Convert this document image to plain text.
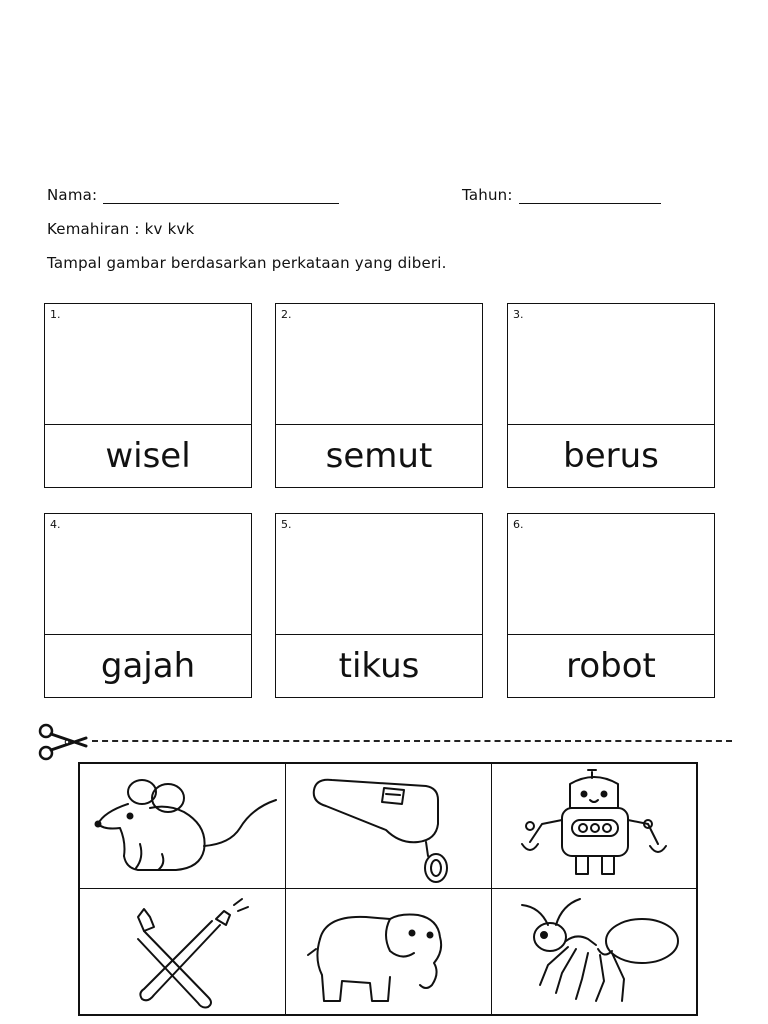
Nama:	Tahun:
Kemahiran : kv kvk
Tampal gambar berdasarkan perkataan yang diberi.
1.
wisel
2.
semut
3.
berus
4.
gajah
5.
tikus
6.
robot
